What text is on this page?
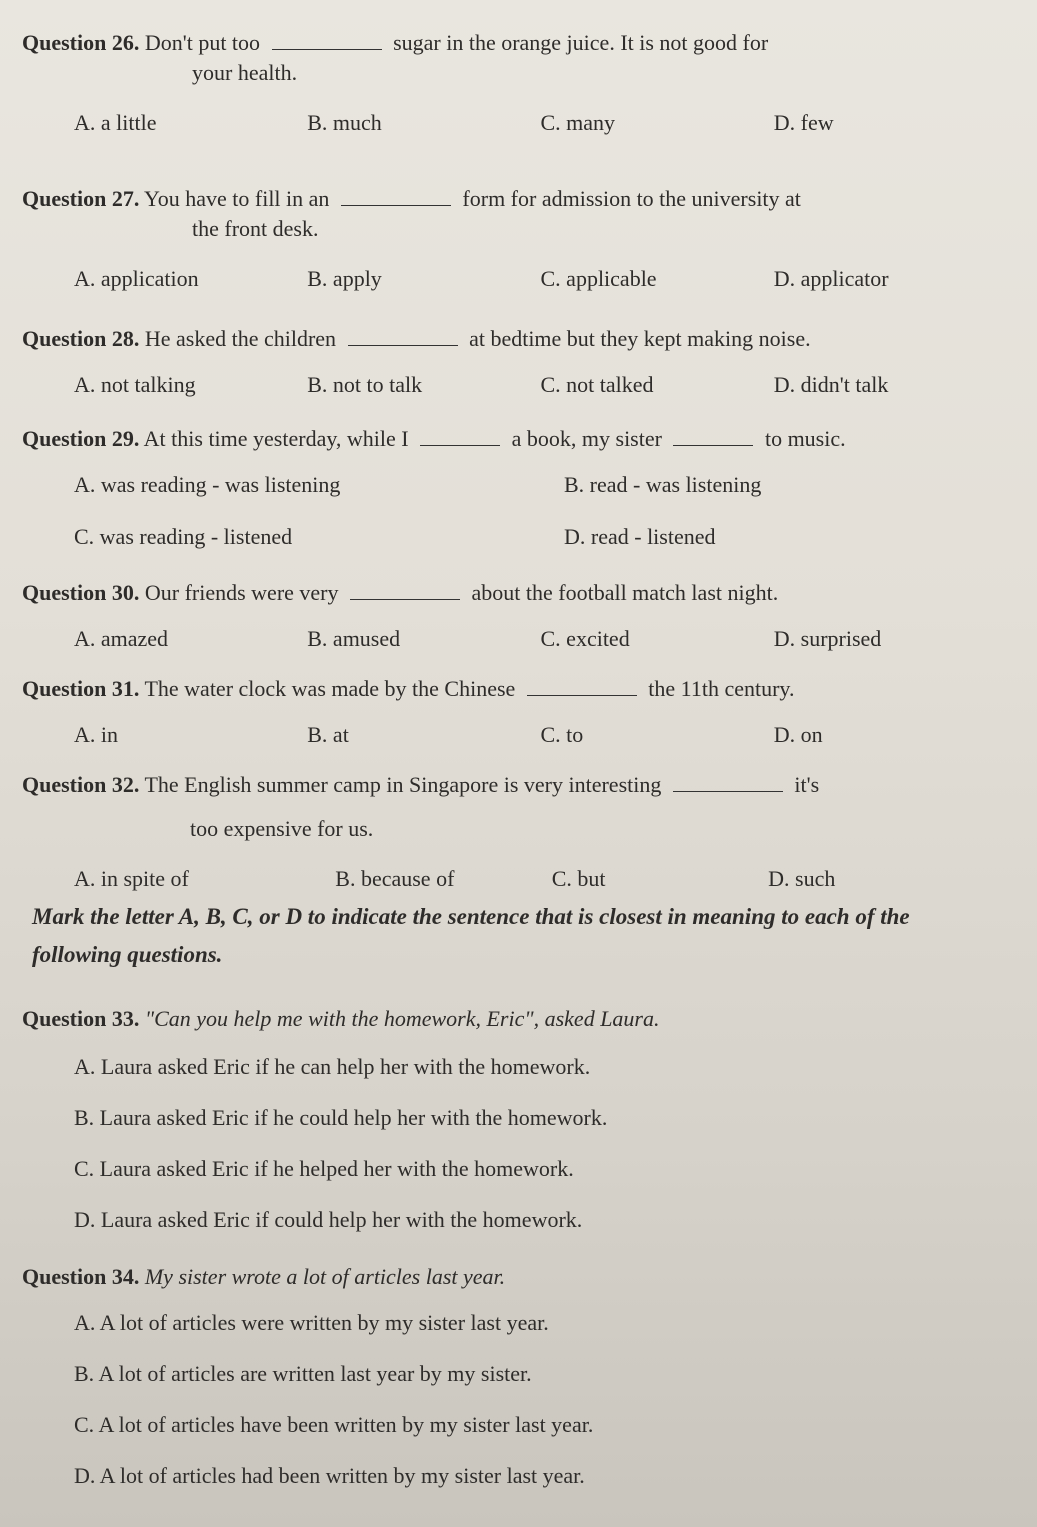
Question 26. Don't put too	sugar in the orange juice. It is not good for
your health.
A. a little	B. much	C. many	D. few
Question 27. You have to fill in an	form for admission to the university at
the front desk.
A. application	B. apply	C. applicable	D. applicator
Question 28. He asked the children	at bedtime but they kept making noise.
A. not talking	B. not to talk	C. not talked	D. didn't talk
Question 29. At this time yesterday, while I	a book, my sister	to music.
A. was reading - was listening	B. read - was listening
C. was reading - listened	D. read - listened
Question 30. Our friends were very	about the football match last night.
A. amazed	B. amused	C. excited	D. surprised
Question 31. The water clock was made by the Chinese	the 11th century.
A. in	B. at	C. to	D. on
Question 32. The English summer camp in Singapore is very interesting	it's
too expensive for us.
A. in spite of	B. because of	C. but	D. such
Mark the letter A, B, C, or D to indicate the sentence that is closest in meaning to each of the following questions.
Question 33. "Can you help me with the homework, Eric", asked Laura.
A. Laura asked Eric if he can help her with the homework.
B. Laura asked Eric if he could help her with the homework.
C. Laura asked Eric if he helped her with the homework.
D. Laura asked Eric if could help her with the homework.
Question 34. My sister wrote a lot of articles last year.
A. A lot of articles were written by my sister last year.
B. A lot of articles are written last year by my sister.
C. A lot of articles have been written by my sister last year.
D. A lot of articles had been written by my sister last year.
